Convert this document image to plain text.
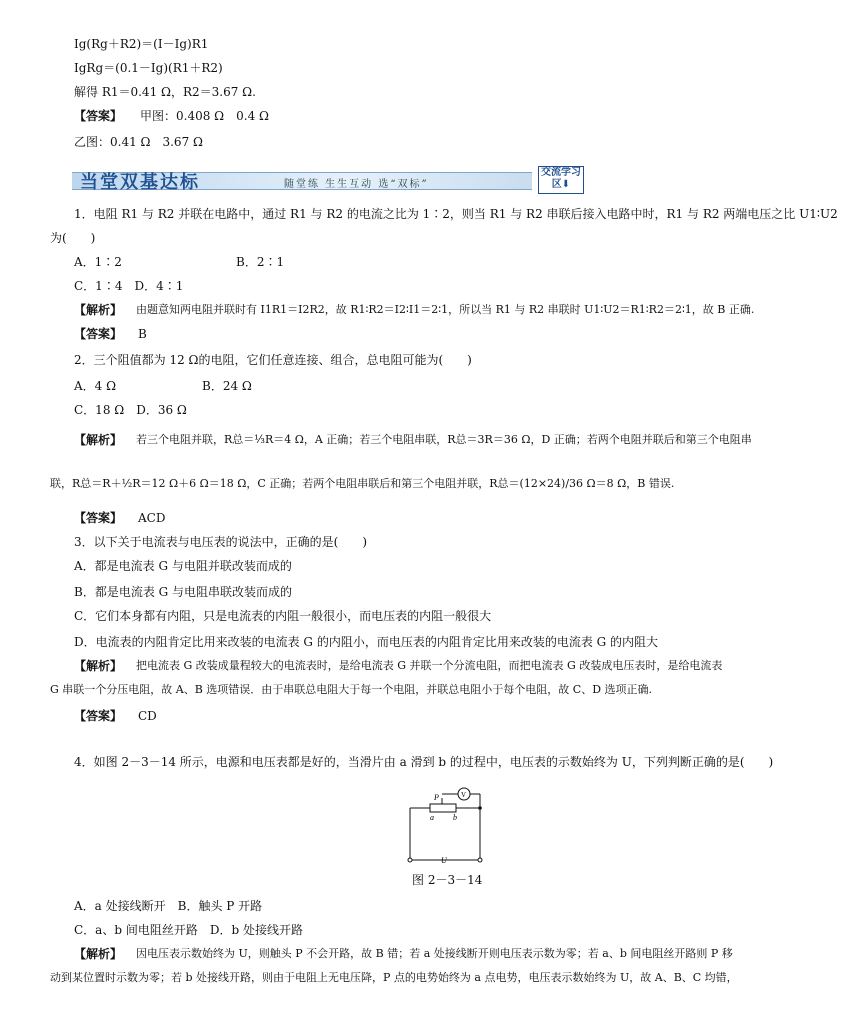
Ig(Rg＋R2)＝(I－Ig)R1
IgRg＝(0.1－Ig)(R1＋R2)
解得 R1＝0.41 Ω，R2＝3.67 Ω.
【答案】 甲图：0.408 Ω　0.4 Ω
乙图：0.41 Ω　3.67 Ω
当堂双基达标	随堂练 生生互动 选“双标”
交流学习区⬇
1．电阻 R1 与 R2 并联在电路中，通过 R1 与 R2 的电流之比为 1∶2，则当 R1 与 R2 串联后接入电路中时，R1 与 R2 两端电压之比 U1∶U2
为(　　)
A．1∶2	B．2∶1
C．1∶4　D．4∶1
【解析】 由题意知两电阻并联时有 I1R1＝I2R2，故 R1∶R2＝I2∶I1＝2∶1，所以当 R1 与 R2 串联时 U1∶U2＝R1∶R2＝2∶1，故 B 正确.
【答案】 B
2．三个阻值都为 12 Ω的电阻，它们任意连接、组合，总电阻可能为(　　)
A．4 Ω	B．24 Ω
C．18 Ω　D．36 Ω
【解析】 若三个电阻并联，R总＝⅓R＝4 Ω，A 正确；若三个电阻串联，R总＝3R＝36 Ω，D 正确；若两个电阻并联后和第三个电阻串
联，R总＝R＋½R＝12 Ω＋6 Ω＝18 Ω，C 正确；若两个电阻串联后和第三个电阻并联，R总＝(12×24)/36 Ω＝8 Ω，B 错误.
【答案】 ACD
3．以下关于电流表与电压表的说法中，正确的是(　　)
A．都是电流表 G 与电阻并联改装而成的
B．都是电流表 G 与电阻串联改装而成的
C．它们本身都有内阻，只是电流表的内阻一般很小，而电压表的内阻一般很大
D．电流表的内阻肯定比用来改装的电流表 G 的内阻小，而电压表的内阻肯定比用来改装的电流表 G 的内阻大
【解析】 把电流表 G 改装成量程较大的电流表时，是给电流表 G 并联一个分流电阻，而把电流表 G 改装成电压表时，是给电流表
G 串联一个分压电阻，故 A、B 选项错误．由于串联总电阻大于每一个电阻，并联总电阻小于每个电阻，故 C、D 选项正确.
【答案】 CD
4．如图 2－3－14 所示，电源和电压表都是好的，当滑片由 a 滑到 b 的过程中，电压表的示数始终为 U，下列判断正确的是(　　)
P
a b
V
U
图 2－3－14
A．a 处接线断开　B．触头 P 开路
C．a、b 间电阻丝开路　D．b 处接线开路
【解析】 因电压表示数始终为 U，则触头 P 不会开路，故 B 错；若 a 处接线断开则电压表示数为零；若 a、b 间电阻丝开路则 P 移
动到某位置时示数为零；若 b 处接线开路，则由于电阻上无电压降，P 点的电势始终为 a 点电势，电压表示数始终为 U，故 A、B、C 均错，
